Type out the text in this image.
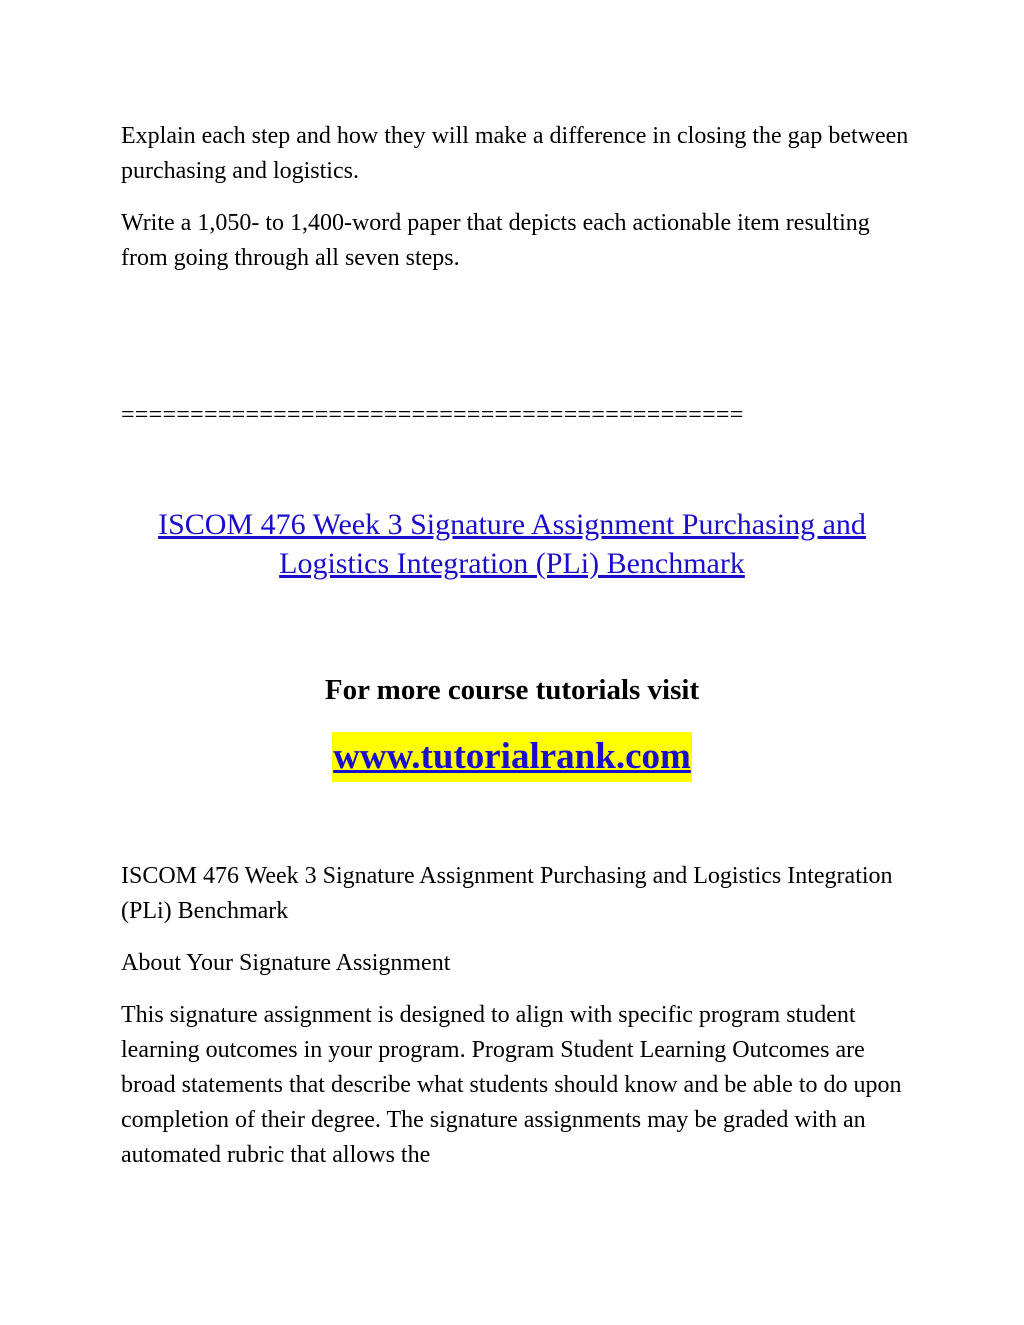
Explain each step and how they will make a difference in closing the gap between purchasing and logistics.

Write a 1,050- to 1,400-word paper that depicts each actionable item resulting from going through all seven steps.

=============================================
ISCOM 476 Week 3 Signature Assignment Purchasing and Logistics Integration (PLi) Benchmark
For more course tutorials visit
www.tutorialrank.com

ISCOM 476 Week 3 Signature Assignment Purchasing and Logistics Integration (PLi) Benchmark

About Your Signature Assignment

This signature assignment is designed to align with specific program student learning outcomes in your program. Program Student Learning Outcomes are broad statements that describe what students should know and be able to do upon completion of their degree. The signature assignments may be graded with an automated rubric that allows the
